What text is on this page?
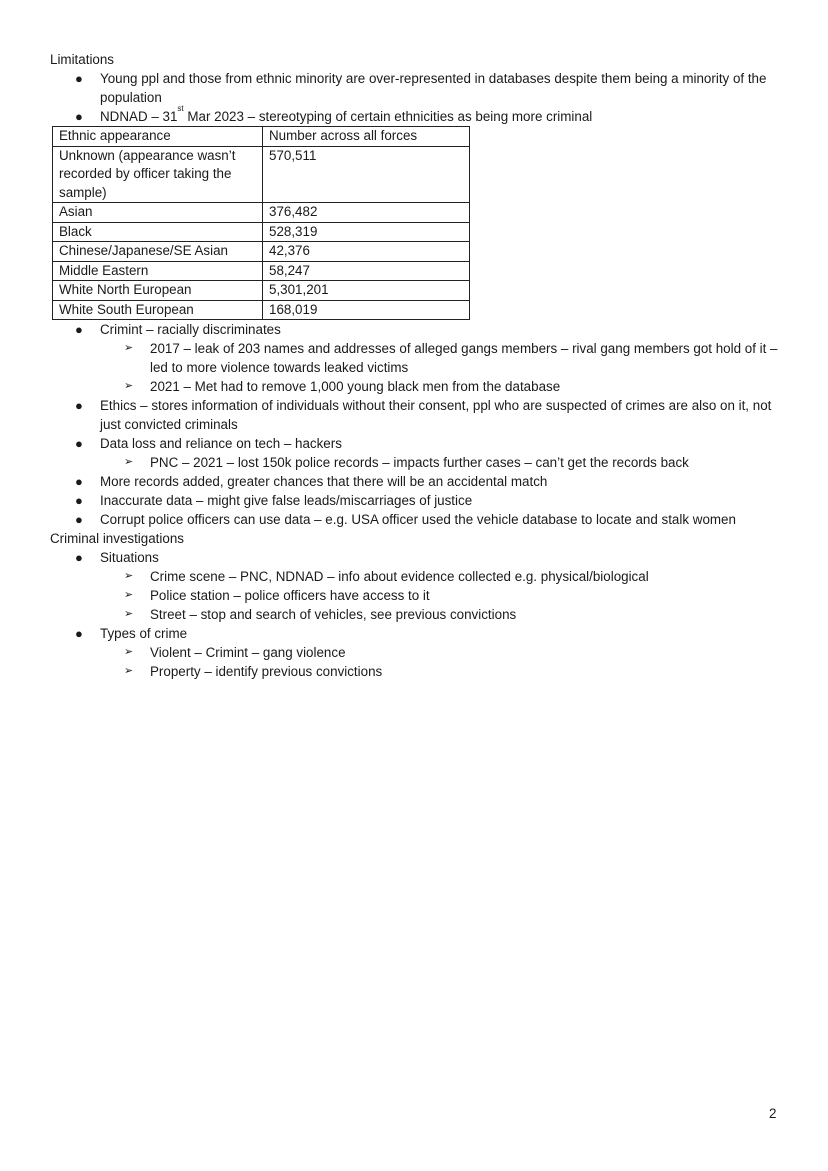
Limitations
● Young ppl and those from ethnic minority are over-represented in databases despite them being a minority of the population
● NDNAD – 31st Mar 2023 – stereotyping of certain ethnicities as being more criminal
Ethnic appearance	Number across all forces
Unknown (appearance wasn’t recorded by officer taking the sample)	570,511
Asian	376,482
Black	528,319
Chinese/Japanese/SE Asian	42,376
Middle Eastern	58,247
White North European	5,301,201
White South European	168,019
● Crimint – racially discriminates
➢ 2017 – leak of 203 names and addresses of alleged gangs members – rival gang members got hold of it – led to more violence towards leaked victims
➢ 2021 – Met had to remove 1,000 young black men from the database
● Ethics – stores information of individuals without their consent, ppl who are suspected of crimes are also on it, not just convicted criminals
● Data loss and reliance on tech – hackers
➢ PNC – 2021 – lost 150k police records – impacts further cases – can’t get the records back
● More records added, greater chances that there will be an accidental match
● Inaccurate data – might give false leads/miscarriages of justice
● Corrupt police officers can use data – e.g. USA officer used the vehicle database to locate and stalk women
Criminal investigations
● Situations
➢ Crime scene – PNC, NDNAD – info about evidence collected e.g. physical/biological
➢ Police station – police officers have access to it
➢ Street – stop and search of vehicles, see previous convictions
● Types of crime
➢ Violent – Crimint – gang violence
➢ Property – identify previous convictions
2
